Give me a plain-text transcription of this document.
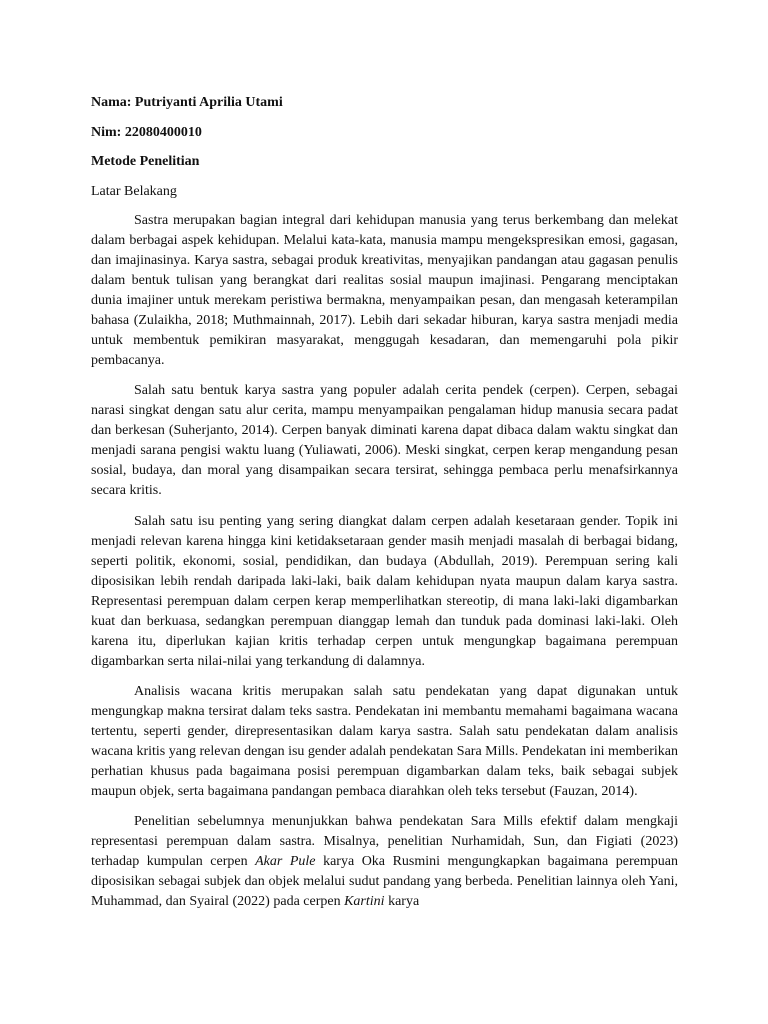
Nama: Putriyanti Aprilia Utami
Nim: 22080400010
Metode Penelitian
Latar Belakang

Sastra merupakan bagian integral dari kehidupan manusia yang terus berkembang dan melekat dalam berbagai aspek kehidupan. Melalui kata-kata, manusia mampu mengekspresikan emosi, gagasan, dan imajinasinya. Karya sastra, sebagai produk kreativitas, menyajikan pandangan atau gagasan penulis dalam bentuk tulisan yang berangkat dari realitas sosial maupun imajinasi. Pengarang menciptakan dunia imajiner untuk merekam peristiwa bermakna, menyampaikan pesan, dan mengasah keterampilan bahasa (Zulaikha, 2018; Muthmainnah, 2017). Lebih dari sekadar hiburan, karya sastra menjadi media untuk membentuk pemikiran masyarakat, menggugah kesadaran, dan memengaruhi pola pikir pembacanya.

Salah satu bentuk karya sastra yang populer adalah cerita pendek (cerpen). Cerpen, sebagai narasi singkat dengan satu alur cerita, mampu menyampaikan pengalaman hidup manusia secara padat dan berkesan (Suherjanto, 2014). Cerpen banyak diminati karena dapat dibaca dalam waktu singkat dan menjadi sarana pengisi waktu luang (Yuliawati, 2006). Meski singkat, cerpen kerap mengandung pesan sosial, budaya, dan moral yang disampaikan secara tersirat, sehingga pembaca perlu menafsirkannya secara kritis.

Salah satu isu penting yang sering diangkat dalam cerpen adalah kesetaraan gender. Topik ini menjadi relevan karena hingga kini ketidaksetaraan gender masih menjadi masalah di berbagai bidang, seperti politik, ekonomi, sosial, pendidikan, dan budaya (Abdullah, 2019). Perempuan sering kali diposisikan lebih rendah daripada laki-laki, baik dalam kehidupan nyata maupun dalam karya sastra. Representasi perempuan dalam cerpen kerap memperlihatkan stereotip, di mana laki-laki digambarkan kuat dan berkuasa, sedangkan perempuan dianggap lemah dan tunduk pada dominasi laki-laki. Oleh karena itu, diperlukan kajian kritis terhadap cerpen untuk mengungkap bagaimana perempuan digambarkan serta nilai-nilai yang terkandung di dalamnya.

Analisis wacana kritis merupakan salah satu pendekatan yang dapat digunakan untuk mengungkap makna tersirat dalam teks sastra. Pendekatan ini membantu memahami bagaimana wacana tertentu, seperti gender, direpresentasikan dalam karya sastra. Salah satu pendekatan dalam analisis wacana kritis yang relevan dengan isu gender adalah pendekatan Sara Mills. Pendekatan ini memberikan perhatian khusus pada bagaimana posisi perempuan digambarkan dalam teks, baik sebagai subjek maupun objek, serta bagaimana pandangan pembaca diarahkan oleh teks tersebut (Fauzan, 2014).

Penelitian sebelumnya menunjukkan bahwa pendekatan Sara Mills efektif dalam mengkaji representasi perempuan dalam sastra. Misalnya, penelitian Nurhamidah, Sun, dan Figiati (2023) terhadap kumpulan cerpen Akar Pule karya Oka Rusmini mengungkapkan bagaimana perempuan diposisikan sebagai subjek dan objek melalui sudut pandang yang berbeda. Penelitian lainnya oleh Yani, Muhammad, dan Syairal (2022) pada cerpen Kartini karya
